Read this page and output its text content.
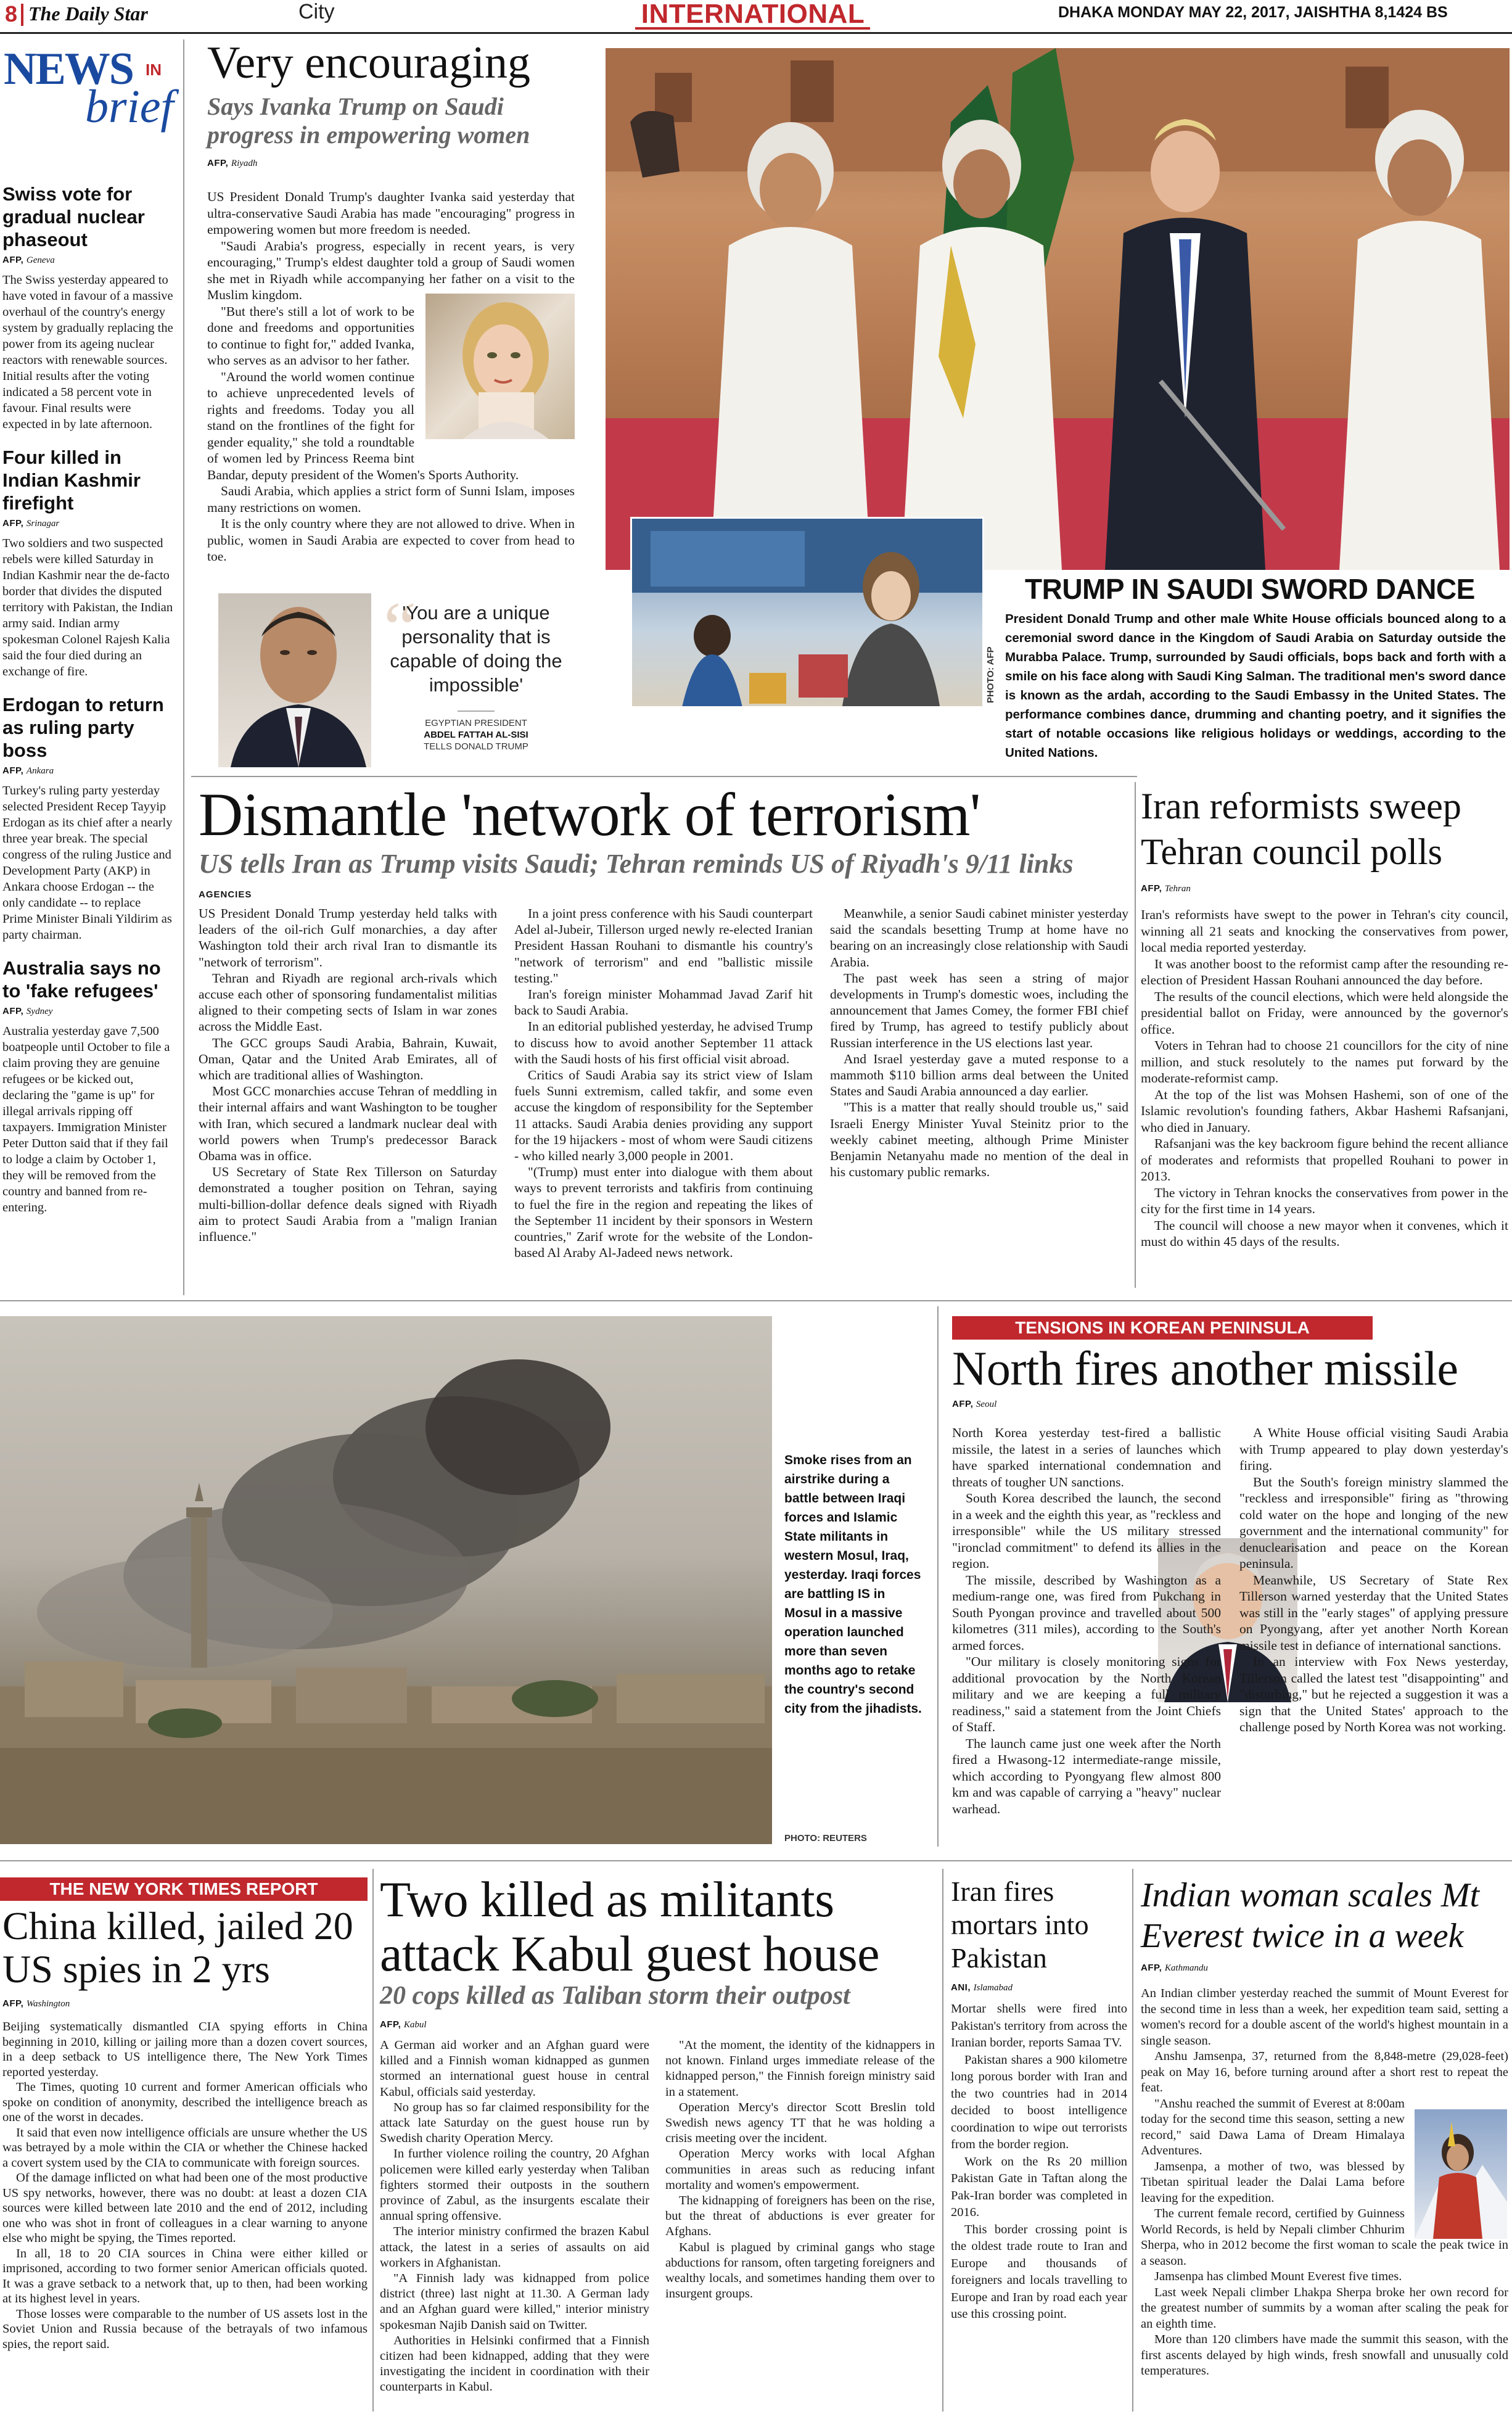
8 The Daily Star	City	INTERNATIONAL	DHAKA MONDAY MAY 22, 2017, JAISHTHA 8,1424 BS
NEWS IN
brief
Swiss vote for gradual nuclear phaseout
AFP, Geneva
The Swiss yesterday appeared to have voted in favour of a massive overhaul of the country's energy system by gradually replacing the power from its ageing nuclear reactors with renewable sources. Initial results after the voting indicated a 58 percent vote in favour. Final results were expected in by late afternoon.
Four killed in Indian Kashmir firefight
AFP, Srinagar
Two soldiers and two suspected rebels were killed Saturday in Indian Kashmir near the de-facto border that divides the disputed territory with Pakistan, the Indian army said. Indian army spokesman Colonel Rajesh Kalia said the four died during an exchange of fire.
Erdogan to return as ruling party boss
AFP, Ankara
Turkey's ruling party yesterday selected President Recep Tayyip Erdogan as its chief after a nearly three year break. The special congress of the ruling Justice and Development Party (AKP) in Ankara choose Erdogan -- the only candidate -- to replace Prime Minister Binali Yildirim as party chairman.
Australia says no to 'fake refugees'
AFP, Sydney
Australia yesterday gave 7,500 boatpeople until October to file a claim proving they are genuine refugees or be kicked out, declaring the "game is up" for illegal arrivals ripping off taxpayers. Immigration Minister Peter Dutton said that if they fail to lodge a claim by October 1, they will be removed from the country and banned from re-entering.
Very encouraging
Says Ivanka Trump on Saudi progress in empowering women
AFP, Riyadh

US President Donald Trump's daughter Ivanka said yesterday that ultra-conservative Saudi Arabia has made "encouraging" progress in empowering women but more freedom is needed.

"Saudi Arabia's progress, especially in recent years, is very encouraging," Trump's eldest daughter told a group of Saudi women she met in Riyadh while accompanying her father on a visit to the Muslim kingdom.

"But there's still a lot of work to be done and freedoms and opportunities to continue to fight for," added Ivanka, who serves as an advisor to her father.

"Around the world women continue to achieve unprecedented levels of rights and freedoms. Today you all stand on the frontlines of the fight for gender equality," she told a roundtable of women led by Princess Reema bint Bandar, deputy president of the Women's Sports Authority.

Saudi Arabia, which applies a strict form of Sunni Islam, imposes many restrictions on women.

It is the only country where they are not allowed to drive. When in public, women in Saudi Arabia are expected to cover from head to toe.

“
'You are a unique personality that is capable of doing the impossible'
EGYPTIAN PRESIDENT
ABDEL FATTAH AL-SISI
TELLS DONALD TRUMP
PHOTO: AFP
TRUMP IN SAUDI SWORD DANCE
President Donald Trump and other male White House officials bounced along to a ceremonial sword dance in the Kingdom of Saudi Arabia on Saturday outside the Murabba Palace. Trump, surrounded by Saudi officials, bops back and forth with a smile on his face along with Saudi King Salman. The traditional men's sword dance is known as the ardah, according to the Saudi Embassy in the United States. The performance combines dance, drumming and chanting poetry, and it signifies the start of notable occasions like religious holidays or weddings, according to the United Nations.
Dismantle 'network of terrorism'
US tells Iran as Trump visits Saudi; Tehran reminds US of Riyadh's 9/11 links
AGENCIES

US President Donald Trump yesterday held talks with leaders of the oil-rich Gulf monarchies, a day after Washington told their arch rival Iran to dismantle its "network of terrorism".

Tehran and Riyadh are regional arch-rivals which accuse each other of sponsoring fundamentalist militias aligned to their competing sects of Islam in war zones across the Middle East.

The GCC groups Saudi Arabia, Bahrain, Kuwait, Oman, Qatar and the United Arab Emirates, all of which are traditional allies of Washington.

Most GCC monarchies accuse Tehran of meddling in their internal affairs and want Washington to be tougher with Iran, which secured a landmark nuclear deal with world powers when Trump's predecessor Barack Obama was in office.

US Secretary of State Rex Tillerson on Saturday demonstrated a tougher position on Tehran, saying multi-billion-dollar defence deals signed with Riyadh aim to protect Saudi Arabia from a "malign Iranian influence."

In a joint press conference with his Saudi counterpart Adel al-Jubeir, Tillerson urged newly re-elected Iranian President Hassan Rouhani to dismantle his country's "network of terrorism" and end "ballistic missile testing."

Iran's foreign minister Mohammad Javad Zarif hit back to Saudi Arabia.

In an editorial published yesterday, he advised Trump to discuss how to avoid another September 11 attack with the Saudi hosts of his first official visit abroad.

Critics of Saudi Arabia say its strict view of Islam fuels Sunni extremism, called takfir, and some even accuse the kingdom of responsibility for the September 11 attacks. Saudi Arabia denies providing any support for the 19 hijackers - most of whom were Saudi citizens - who killed nearly 3,000 people in 2001.

"(Trump) must enter into dialogue with them about ways to prevent terrorists and takfiris from continuing to fuel the fire in the region and repeating the likes of the September 11 incident by their sponsors in Western countries," Zarif wrote for the website of the London-based Al Araby Al-Jadeed news network.

Meanwhile, a senior Saudi cabinet minister yesterday said the scandals besetting Trump at home have no bearing on an increasingly close relationship with Saudi Arabia.

The past week has seen a string of major developments in Trump's domestic woes, including the announcement that James Comey, the former FBI chief fired by Trump, has agreed to testify publicly about Russian interference in the US elections last year.

And Israel yesterday gave a muted response to a mammoth $110 billion arms deal between the United States and Saudi Arabia announced a day earlier.

"This is a matter that really should trouble us," said Israeli Energy Minister Yuval Steinitz prior to the weekly cabinet meeting, although Prime Minister Benjamin Netanyahu made no mention of the deal in his customary public remarks.

Iran reformists sweep Tehran council polls
AFP, Tehran

Iran's reformists have swept to the power in Tehran's city council, winning all 21 seats and knocking the conservatives from power, local media reported yesterday.

It was another boost to the reformist camp after the resounding re-election of President Hassan Rouhani announced the day before.

The results of the council elections, which were held alongside the presidential ballot on Friday, were announced by the governor's office.

Voters in Tehran had to choose 21 councillors for the city of nine million, and stuck resolutely to the names put forward by the moderate-reformist camp.

At the top of the list was Mohsen Hashemi, son of one of the Islamic revolution's founding fathers, Akbar Hashemi Rafsanjani, who died in January.

Rafsanjani was the key backroom figure behind the recent alliance of moderates and reformists that propelled Rouhani to power in 2013.

The victory in Tehran knocks the conservatives from power in the city for the first time in 14 years.

The council will choose a new mayor when it convenes, which it must do within 45 days of the results.

Smoke rises from an airstrike during a battle between Iraqi forces and Islamic State militants in western Mosul, Iraq, yesterday. Iraqi forces are battling IS in Mosul in a massive operation launched more than seven months ago to retake the country's second city from the jihadists.
PHOTO: REUTERS
TENSIONS IN KOREAN PENINSULA
North fires another missile
AFP, Seoul

North Korea yesterday test-fired a ballistic missile, the latest in a series of launches which have sparked international condemnation and threats of tougher UN sanctions.

South Korea described the launch, the second in a week and the eighth this year, as "reckless and irresponsible" while the US military stressed "ironclad commitment" to defend its allies in the region.

The missile, described by Washington as a medium-range one, was fired from Pukchang in South Pyongan province and travelled about 500 kilometres (311 miles), according to the South's armed forces.

"Our military is closely monitoring signs for additional provocation by the North Korean military and we are keeping a full military readiness," said a statement from the Joint Chiefs of Staff.

The launch came just one week after the North fired a Hwasong-12 intermediate-range missile, which according to Pyongyang flew almost 800 km and was capable of carrying a "heavy" nuclear warhead.

A White House official visiting Saudi Arabia with Trump appeared to play down yesterday's firing.

But the South's foreign ministry slammed the "reckless and irresponsible" firing as "throwing cold water on the hope and longing of the new government and the international community" for denuclearisation and peace on the Korean peninsula.

Meanwhile, US Secretary of State Rex Tillerson warned yesterday that the United States was still in the "early stages" of applying pressure on Pyongyang, after yet another North Korean missile test in defiance of international sanctions.

In an interview with Fox News yesterday, Tillerson called the latest test "disappointing" and "disturbing," but he rejected a suggestion it was a sign that the United States' approach to the challenge posed by North Korea was not working.

THE NEW YORK TIMES REPORT
China killed, jailed 20 US spies in 2 yrs
AFP, Washington

Beijing systematically dismantled CIA spying efforts in China beginning in 2010, killing or jailing more than a dozen covert sources, in a deep setback to US intelligence there, The New York Times reported yesterday.

The Times, quoting 10 current and former American officials who spoke on condition of anonymity, described the intelligence breach as one of the worst in decades.

It said that even now intelligence officials are unsure whether the US was betrayed by a mole within the CIA or whether the Chinese hacked a covert system used by the CIA to communicate with foreign sources.

Of the damage inflicted on what had been one of the most productive US spy networks, however, there was no doubt: at least a dozen CIA sources were killed between late 2010 and the end of 2012, including one who was shot in front of colleagues in a clear warning to anyone else who might be spying, the Times reported.

In all, 18 to 20 CIA sources in China were either killed or imprisoned, according to two former senior American officials quoted. It was a grave setback to a network that, up to then, had been working at its highest level in years.

Those losses were comparable to the number of US assets lost in the Soviet Union and Russia because of the betrayals of two infamous spies, the report said.

Two killed as militants attack Kabul guest house
20 cops killed as Taliban storm their outpost
AFP, Kabul

A German aid worker and an Afghan guard were killed and a Finnish woman kidnapped as gunmen stormed an international guest house in central Kabul, officials said yesterday.

No group has so far claimed responsibility for the attack late Saturday on the guest house run by Swedish charity Operation Mercy.

In further violence roiling the country, 20 Afghan policemen were killed early yesterday when Taliban fighters stormed their outposts in the southern province of Zabul, as the insurgents escalate their annual spring offensive.

The interior ministry confirmed the brazen Kabul attack, the latest in a series of assaults on aid workers in Afghanistan.

"A Finnish lady was kidnapped from police district (three) last night at 11.30. A German lady and an Afghan guard were killed," interior ministry spokesman Najib Danish said on Twitter.

Authorities in Helsinki confirmed that a Finnish citizen had been kidnapped, adding that they were investigating the incident in coordination with their counterparts in Kabul.

"At the moment, the identity of the kidnappers in not known. Finland urges immediate release of the kidnapped person," the Finnish foreign ministry said in a statement.

Operation Mercy's director Scott Breslin told Swedish news agency TT that he was holding a crisis meeting over the incident.

Operation Mercy works with local Afghan communities in areas such as reducing infant mortality and women's empowerment.

The kidnapping of foreigners has been on the rise, but the threat of abductions is ever greater for Afghans.

Kabul is plagued by criminal gangs who stage abductions for ransom, often targeting foreigners and wealthy locals, and sometimes handing them over to insurgent groups.

Iran fires mortars into Pakistan
ANI, Islamabad

Mortar shells were fired into Pakistan's territory from across the Iranian border, reports Samaa TV.

Pakistan shares a 900 kilometre long porous border with Iran and the two countries had in 2014 decided to boost intelligence coordination to wipe out terrorists from the border region.

Work on the Rs 20 million Pakistan Gate in Taftan along the Pak-Iran border was completed in 2016.

This border crossing point is the oldest trade route to Iran and Europe and thousands of foreigners and locals travelling to Europe and Iran by road each year use this crossing point.

Indian woman scales Mt Everest twice in a week
AFP, Kathmandu

An Indian climber yesterday reached the summit of Mount Everest for the second time in less than a week, her expedition team said, setting a women's record for a double ascent of the world's highest mountain in a single season.

Anshu Jamsenpa, 37, returned from the 8,848-metre (29,028-feet) peak on May 16, before turning around after a short rest to repeat the feat.

"Anshu reached the summit of Everest at 8:00am today for the second time this season, setting a new record," said Dawa Lama of Dream Himalaya Adventures.

Jamsenpa, a mother of two, was blessed by Tibetan spiritual leader the Dalai Lama before leaving for the expedition.

The current female record, certified by Guinness World Records, is held by Nepali climber Chhurim Sherpa, who in 2012 become the first woman to scale the peak twice in a season.

Jamsenpa has climbed Mount Everest five times.

Last week Nepali climber Lhakpa Sherpa broke her own record for the greatest number of summits by a woman after scaling the peak for an eighth time.

More than 120 climbers have made the summit this season, with the first ascents delayed by high winds, fresh snowfall and unusually cold temperatures.
